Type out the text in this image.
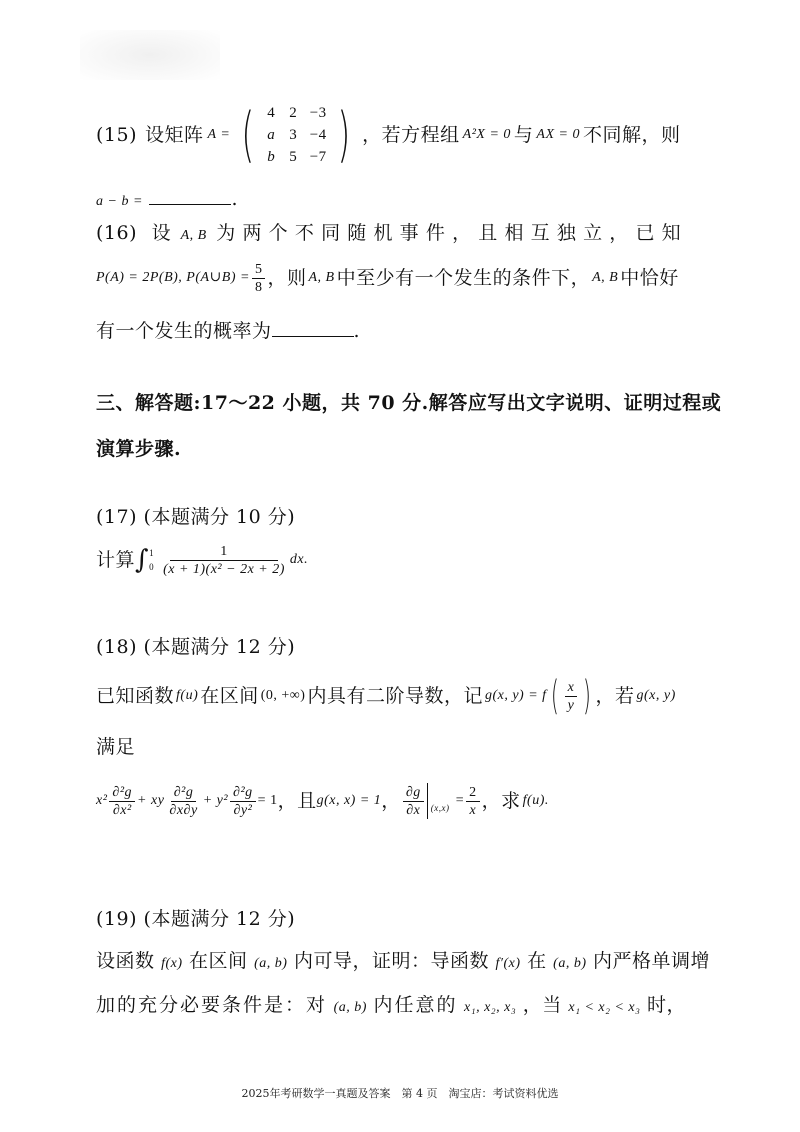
(15) 设矩阵 A = ( 4 2 −3
a 3 −4
b 5 −7 ) ，若方程组 A²X = 0 与 AX = 0 不同解，则
a − b =	.
(16) 设 A, B 为两个不同随机事件，且相互独立，已知
P(A) = 2P(B), P(A∪B) = $\frac{5}{8}$ ，则 A, B 中至少有一个发生的条件下， A, B 中恰好
有一个发生的概率为	.
三、解答题:17～22 小题，共 70 分.解答应写出文字说明、证明过程或
演算步骤.
(17) (本题满分 10 分)
计算 ∫ 1
$0 \frac{1}{\text{(x + 1)(x² − 2x + 2)}}$ dx.
(18) (本题满分 12 分)
已知函数 f(u) 在区间 (0, +∞) 内具有二阶导数，记 g(x, y) = f ( $\frac{x}{y}$ ) ，若 g(x, y)
满足
$x^2 \frac{\text{∂²g}}{\text{∂x²}}$ + xy $\frac{\text{∂²g}}{\partial x\partial y} + y^2 \frac{\text{∂²g}}{\text{∂y²}} = 1$ ，且 g(x, x) = 1 ， $\frac{\partial g}{\partial x} (x,x) = \frac{2}{x}$ ，求 f(u).
(19) (本题满分 12 分)
设函数 f(x) 在区间 (a, b) 内可导，证明：导函数 f′(x) 在 (a, b) 内严格单调增
加的充分必要条件是：对 (a, b) 内任意的 x₁, x₂, x₃ ，当 x₁ < x₂ < x₃ 时，
2025年考研数学一真题及答案　第 4 页　淘宝店：考试资料优选
